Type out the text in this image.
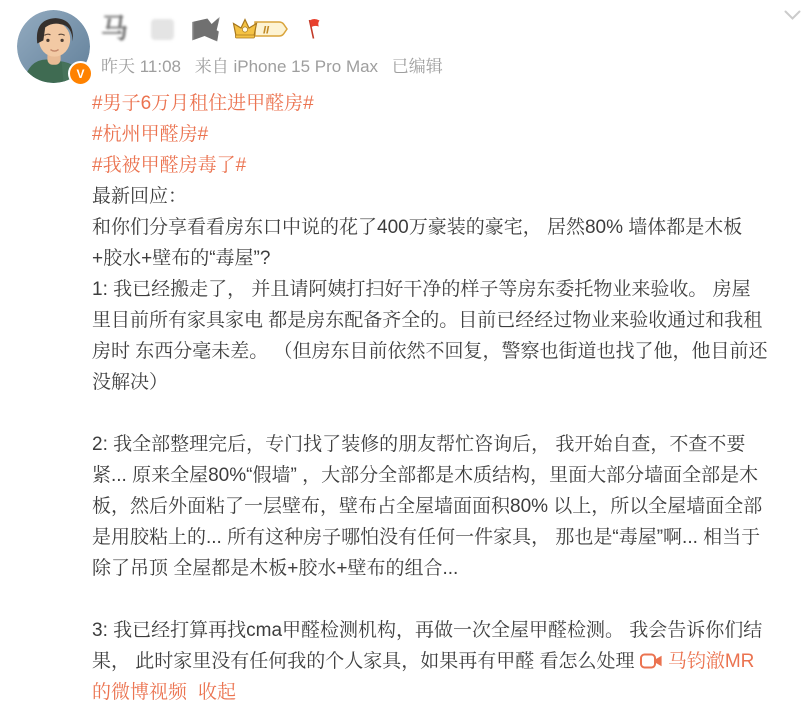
V
马	II
昨天 11:08 来自 iPhone 15 Pro Max 已编辑
#男子6万月租住进甲醛房#
#杭州甲醛房#
#我被甲醛房毒了#

最新回应：
和你们分享看看房东口中说的花了400万豪装的豪宅， 居然80% 墙体都是木板+胶水+壁布的“毒屋”?
1: 我已经搬走了， 并且请阿姨打扫好干净的样子等房东委托物业来验收。 房屋里目前所有家具家电 都是房东配备齐全的。目前已经经过物业来验收通过和我租房时 东西分毫未差。 （但房东目前依然不回复，警察也街道也找了他，他目前还没解决）

2: 我全部整理完后，专门找了装修的朋友帮忙咨询后， 我开始自查，不查不要紧... 原来全屋80%“假墙” ，大部分全部都是木质结构，里面大部分墙面全部是木板，然后外面粘了一层壁布，壁布占全屋墙面面积80% 以上，所以全屋墙面全部是用胶粘上的... 所有这种房子哪怕没有任何一件家具， 那也是“毒屋”啊... 相当于除了吊顶 全屋都是木板+胶水+壁布的组合...

3: 我已经打算再找cma甲醛检测机构，再做一次全屋甲醛检测。 我会告诉你们结果， 此时家里没有任何我的个人家具，如果再有甲醛 看怎么处理 马钧澈MR的微博视频 收起
